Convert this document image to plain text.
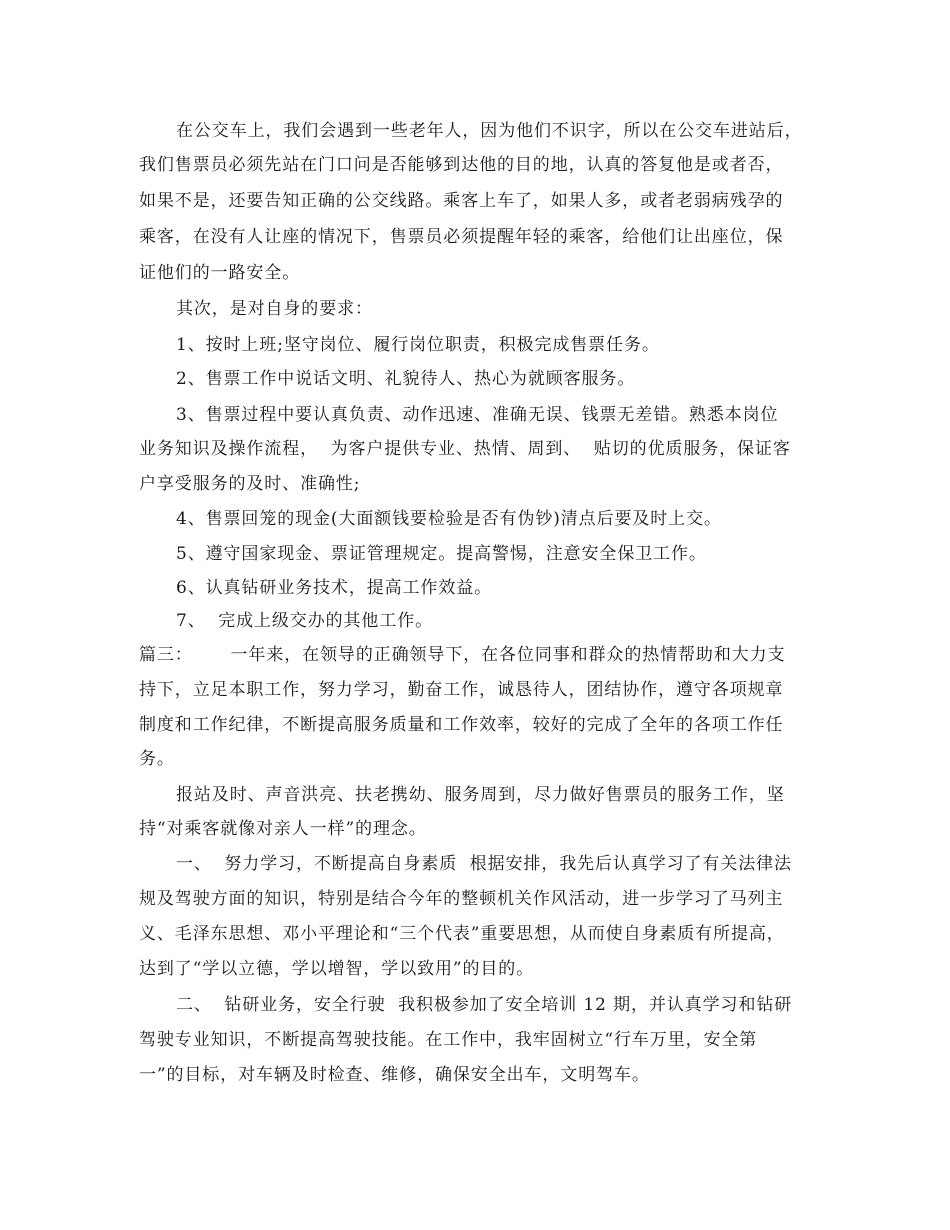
在公交车上，我们会遇到一些老年人，因为他们不识字，所以在公交车进站后，
我们售票员必须先站在门口问是否能够到达他的目的地，认真的答复他是或者否，
如果不是，还要告知正确的公交线路。乘客上车了，如果人多，或者老弱病残孕的
乘客，在没有人让座的情况下，售票员必须提醒年轻的乘客，给他们让出座位，保
证他们的一路安全。
其次，是对自身的要求：
1、按时上班;坚守岗位、履行岗位职责，积极完成售票任务。
2、售票工作中说话文明、礼貌待人、热心为就顾客服务。
3、售票过程中要认真负责、动作迅速、准确无误、钱票无差错。熟悉本岗位
业务知识及操作流程，  为客户提供专业、热情、周到、  贴切的优质服务，保证客
户享受服务的及时、准确性;
4、售票回笼的现金(大面额钱要检验是否有伪钞)清点后要及时上交。
5、遵守国家现金、票证管理规定。提高警惕，注意安全保卫工作。
6、认真钻研业务技术，提高工作效益。
7、  完成上级交办的其他工作。
篇三：      一年来，在领导的正确领导下，在各位同事和群众的热情帮助和大力支
持下，立足本职工作，努力学习，勤奋工作，诚恳待人，团结协作，遵守各项规章
制度和工作纪律，不断提高服务质量和工作效率，较好的完成了全年的各项工作任
务。
报站及时、声音洪亮、扶老携幼、服务周到，尽力做好售票员的服务工作，坚
持“对乘客就像对亲人一样”的理念。
一、  努力学习，不断提高自身素质  根据安排，我先后认真学习了有关法律法
规及驾驶方面的知识，特别是结合今年的整顿机关作风活动，进一步学习了马列主
义、毛泽东思想、邓小平理论和“三个代表”重要思想，从而使自身素质有所提高，
达到了“学以立德，学以增智，学以致用”的目的。
二、  钻研业务，安全行驶  我积极参加了安全培训 12 期，并认真学习和钻研
驾驶专业知识，不断提高驾驶技能。在工作中，我牢固树立“行车万里，安全第
一”的目标，对车辆及时检查、维修，确保安全出车，文明驾车。
